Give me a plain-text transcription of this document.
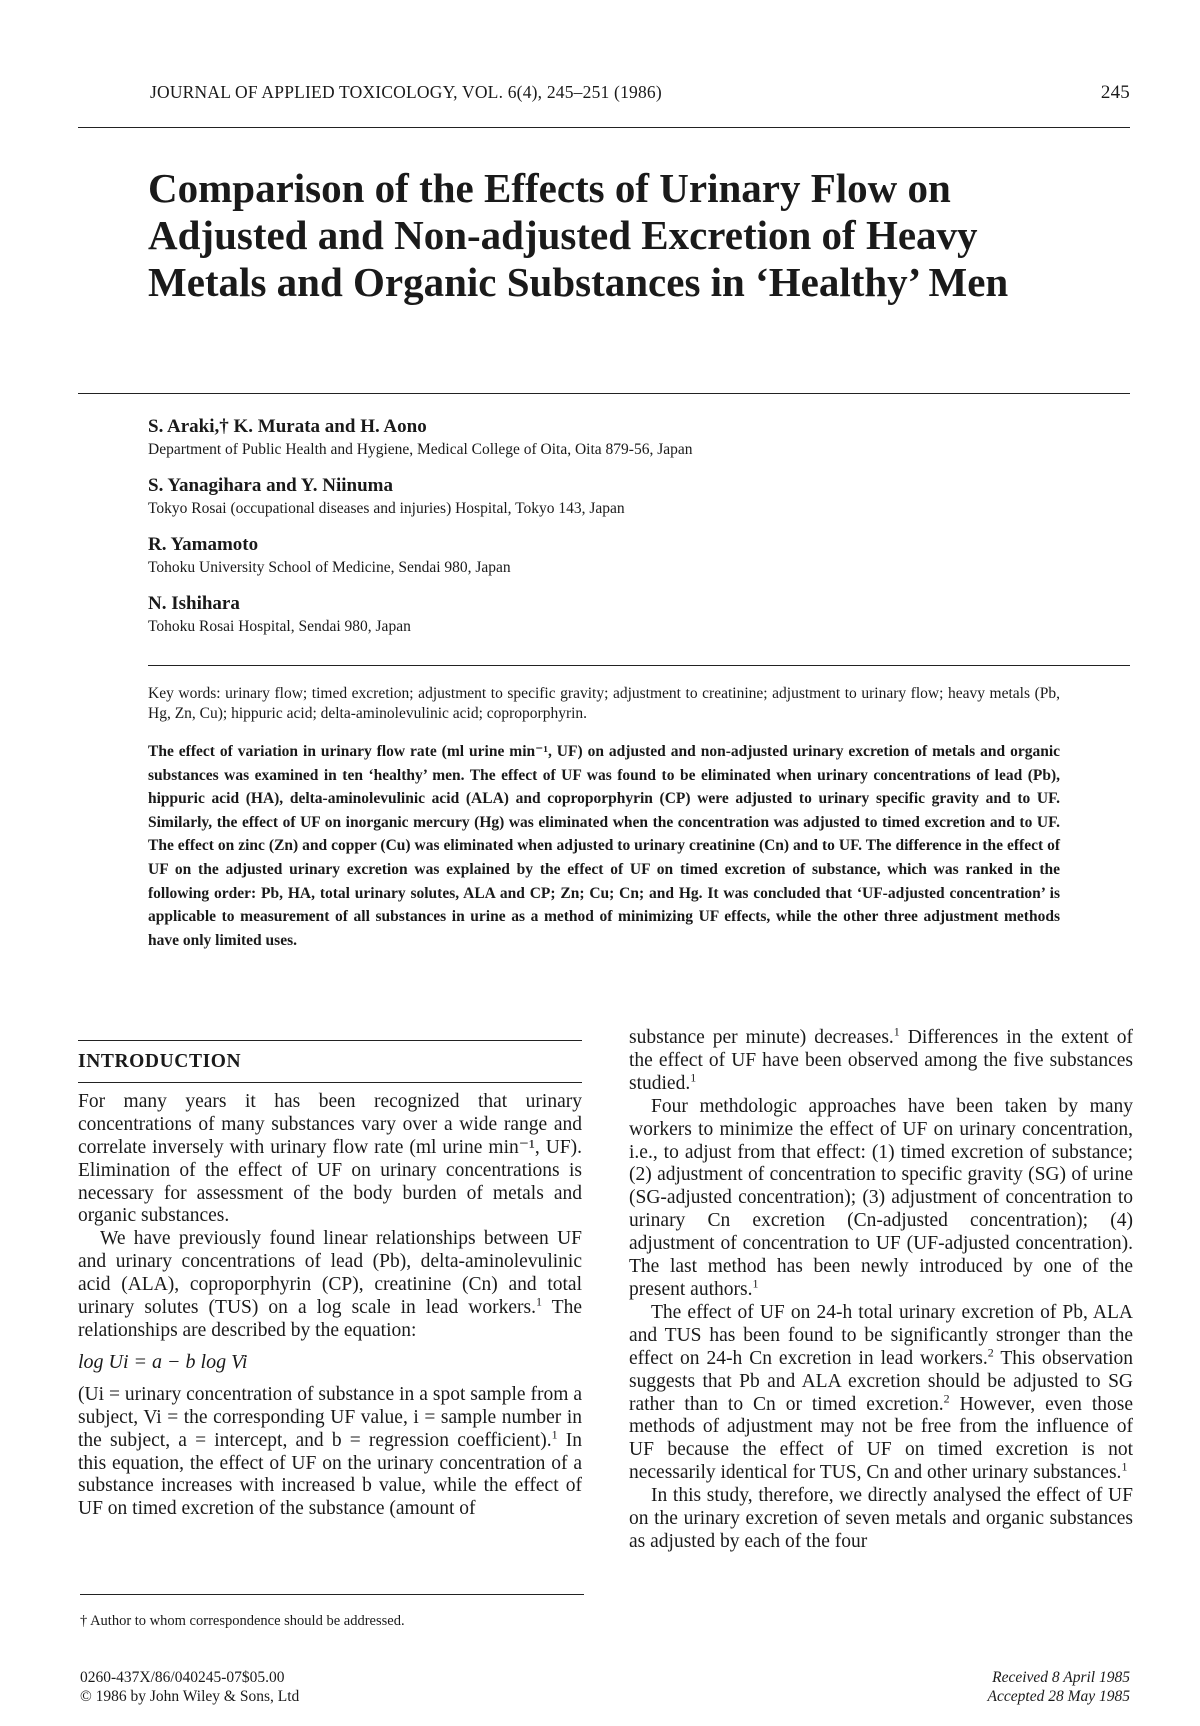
JOURNAL OF APPLIED TOXICOLOGY, VOL. 6(4), 245–251 (1986)	245
Comparison of the Effects of Urinary Flow on Adjusted and Non-adjusted Excretion of Heavy Metals and Organic Substances in ‘Healthy’ Men
S. Araki,† K. Murata and H. Aono
Department of Public Health and Hygiene, Medical College of Oita, Oita 879-56, Japan
S. Yanagihara and Y. Niinuma
Tokyo Rosai (occupational diseases and injuries) Hospital, Tokyo 143, Japan
R. Yamamoto
Tohoku University School of Medicine, Sendai 980, Japan
N. Ishihara
Tohoku Rosai Hospital, Sendai 980, Japan

Key words: urinary flow; timed excretion; adjustment to specific gravity; adjustment to creatinine; adjustment to urinary flow; heavy metals (Pb, Hg, Zn, Cu); hippuric acid; delta-aminolevulinic acid; coproporphyrin.

The effect of variation in urinary flow rate (ml urine min⁻¹, UF) on adjusted and non-adjusted urinary excretion of metals and organic substances was examined in ten ‘healthy’ men. The effect of UF was found to be eliminated when urinary concentrations of lead (Pb), hippuric acid (HA), delta-aminolevulinic acid (ALA) and coproporphyrin (CP) were adjusted to urinary specific gravity and to UF. Similarly, the effect of UF on inorganic mercury (Hg) was eliminated when the concentration was adjusted to timed excretion and to UF. The effect on zinc (Zn) and copper (Cu) was eliminated when adjusted to urinary creatinine (Cn) and to UF. The difference in the effect of UF on the adjusted urinary excretion was explained by the effect of UF on timed excretion of substance, which was ranked in the following order: Pb, HA, total urinary solutes, ALA and CP; Zn; Cu; Cn; and Hg. It was concluded that ‘UF-adjusted concentration’ is applicable to measurement of all substances in urine as a method of minimizing UF effects, while the other three adjustment methods have only limited uses.

INTRODUCTION

For many years it has been recognized that urinary concentrations of many substances vary over a wide range and correlate inversely with urinary flow rate (ml urine min⁻¹, UF). Elimination of the effect of UF on urinary concentrations is necessary for assessment of the body burden of metals and organic substances.

We have previously found linear relationships between UF and urinary concentrations of lead (Pb), delta-aminolevulinic acid (ALA), coproporphyrin (CP), creatinine (Cn) and total urinary solutes (TUS) on a log scale in lead workers.$^1$ The relationships are described by the equation:

log Ui = a − b log Vi

(Ui = urinary concentration of substance in a spot sample from a subject, Vi = the corresponding UF value, i = sample number in the subject, a = intercept, and b = regression coefficient).$^1$ In this equation, the effect of UF on the urinary concentration of a substance increases with increased b value, while the effect of UF on timed excretion of the substance (amount of

substance per minute) decreases.$^1$ Differences in the extent of the effect of UF have been observed among the five substances studied.$^1$

Four methdologic approaches have been taken by many workers to minimize the effect of UF on urinary concentration, i.e., to adjust from that effect: (1) timed excretion of substance; (2) adjustment of concentration to specific gravity (SG) of urine (SG-adjusted concentration); (3) adjustment of concentration to urinary Cn excretion (Cn-adjusted concentration); (4) adjustment of concentration to UF (UF-adjusted concentration). The last method has been newly introduced by one of the present authors.$^1$

The effect of UF on 24-h total urinary excretion of Pb, ALA and TUS has been found to be significantly stronger than the effect on 24-h Cn excretion in lead workers.$^2$ This observation suggests that Pb and ALA excretion should be adjusted to SG rather than to Cn or timed excretion.$^2$ However, even those methods of adjustment may not be free from the influence of UF because the effect of UF on timed excretion is not necessarily identical for TUS, Cn and other urinary substances.$^1$

In this study, therefore, we directly analysed the effect of UF on the urinary excretion of seven metals and organic substances as adjusted by each of the four

† Author to whom correspondence should be addressed.
0260-437X/86/040245-07$05.00
© 1986 by John Wiley & Sons, Ltd
Received 8 April 1985
Accepted 28 May 1985
